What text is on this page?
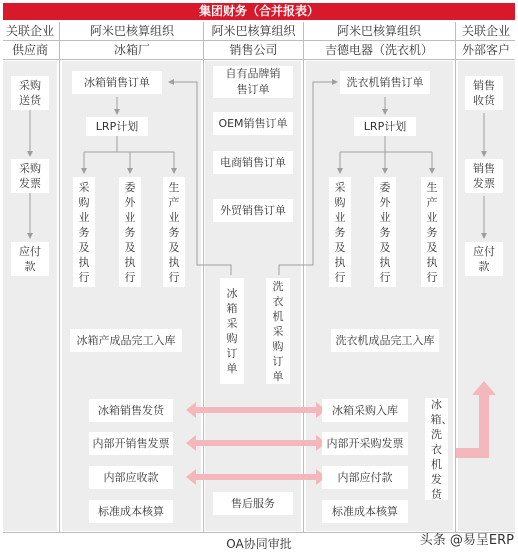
集团财务（合并报表）
关联企业	阿米巴核算组织	阿米巴核算组织	阿米巴核算组织	关联企业
供应商	冰箱厂	销售公司	吉德电器（洗衣机）	外部客户
采购送货
采购发票
应付款
冰箱销售订单
LRP计划
采购业务及执行
委外业务及执行
生产业务及执行
冰箱产成品完工入库
冰箱销售发货
内部开销售发票
内部应收款
标准成本核算
自有品牌销售订单
OEM销售订单
电商销售订单
外贸销售订单
冰箱采购订单
洗衣机采购订单
售后服务
洗衣机销售订单
LRP计划
采购业务及执行
委外业务及执行
生产业务及执行
洗衣机成品完工入库
冰箱采购入库
内部开采购发票
内部应付款
标准成本核算
冰箱、洗衣机发货
销售收货
销售发票
应付款
OA协同审批	头条 @易呈ERP
